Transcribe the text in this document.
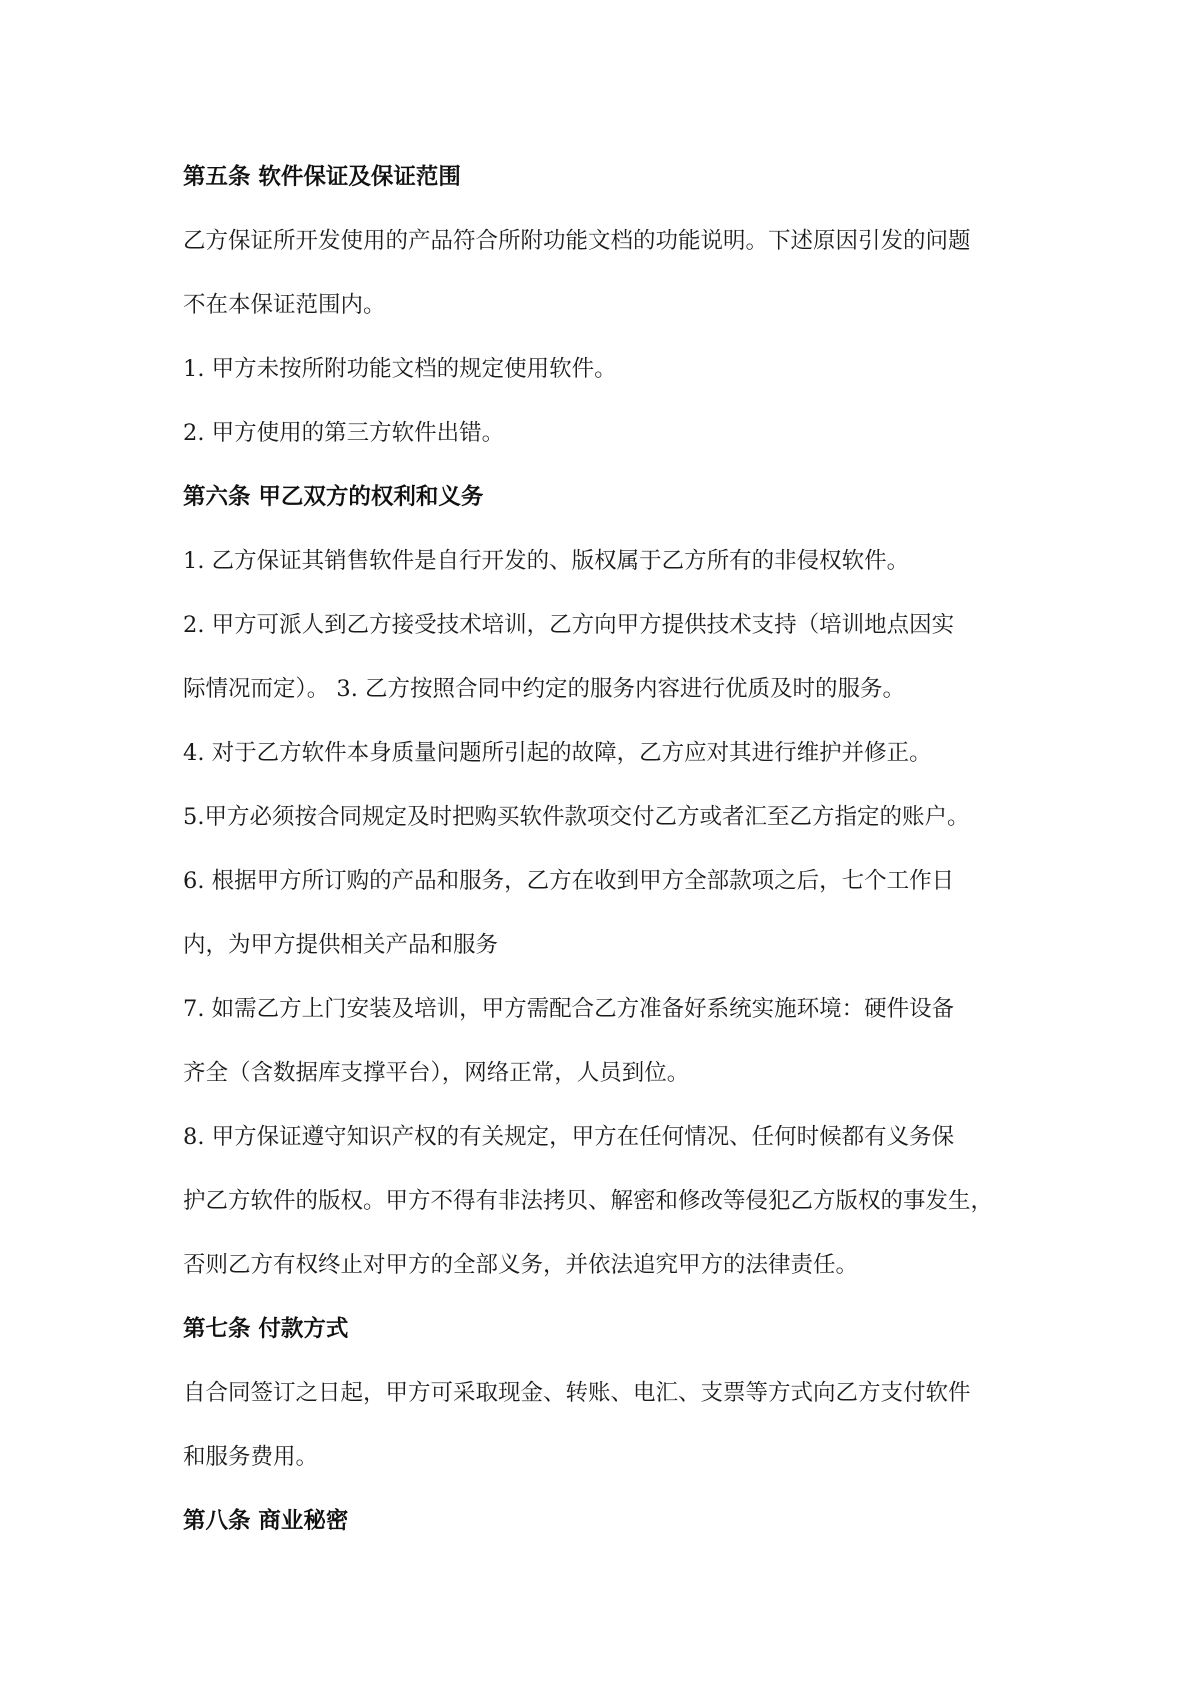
第五条 软件保证及保证范围
乙方保证所开发使用的产品符合所附功能文档的功能说明。下述原因引发的问题
不在本保证范围内。
1. 甲方未按所附功能文档的规定使用软件。
2. 甲方使用的第三方软件出错。
第六条 甲乙双方的权利和义务
1. 乙方保证其销售软件是自行开发的、版权属于乙方所有的非侵权软件。
2. 甲方可派人到乙方接受技术培训，乙方向甲方提供技术支持（培训地点因实
际情况而定）。 3. 乙方按照合同中约定的服务内容进行优质及时的服务。
4. 对于乙方软件本身质量问题所引起的故障，乙方应对其进行维护并修正。
5.甲方必须按合同规定及时把购买软件款项交付乙方或者汇至乙方指定的账户。
6. 根据甲方所订购的产品和服务，乙方在收到甲方全部款项之后，七个工作日
内，为甲方提供相关产品和服务
7. 如需乙方上门安装及培训，甲方需配合乙方准备好系统实施环境：硬件设备
齐全（含数据库支撑平台），网络正常，人员到位。
8. 甲方保证遵守知识产权的有关规定，甲方在任何情况、任何时候都有义务保
护乙方软件的版权。甲方不得有非法拷贝、解密和修改等侵犯乙方版权的事发生，
否则乙方有权终止对甲方的全部义务，并依法追究甲方的法律责任。
第七条 付款方式
自合同签订之日起，甲方可采取现金、转账、电汇、支票等方式向乙方支付软件
和服务费用。
第八条 商业秘密
